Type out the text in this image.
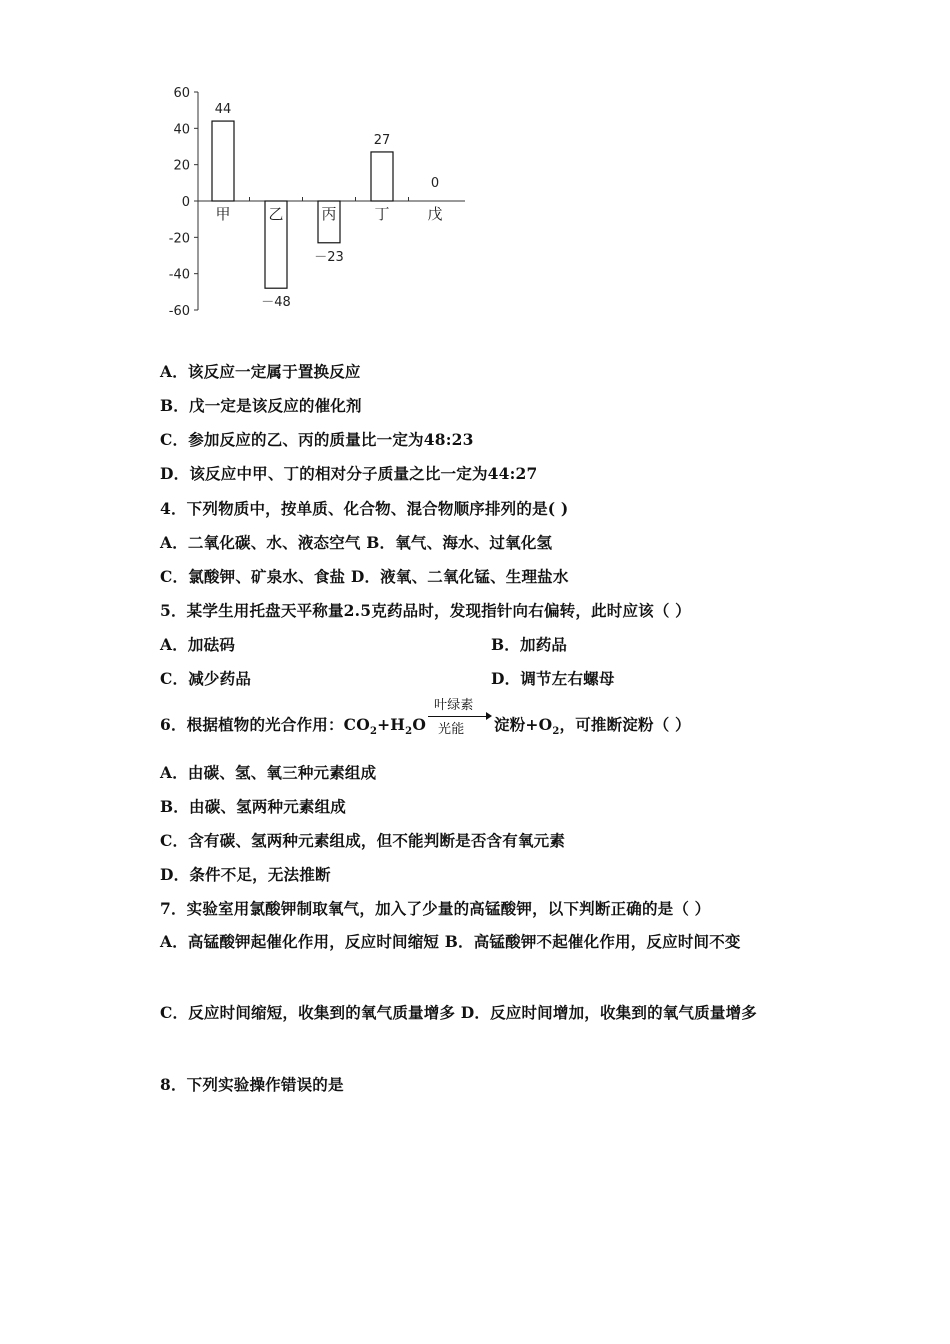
60
40
20
0
-20
-40
-60
44
甲
－48
乙
－23
丙
27
丁
0
戊
A．该反应一定属于置换反应
B．戊一定是该反应的催化剂
C．参加反应的乙、丙的质量比一定为48:23
D．该反应中甲、丁的相对分子质量之比一定为44:27
4．下列物质中，按单质、化合物、混合物顺序排列的是( )
A．二氧化碳、水、液态空气 B．氧气、海水、过氧化氢
C．氯酸钾、矿泉水、食盐 D．液氧、二氧化锰、生理盐水
5．某学生用托盘天平称量2.5克药品时，发现指针向右偏转，此时应该（ ）
A．加砝码	B．加药品
C．减少药品	D．调节左右螺母
6．根据植物的光合作用：$CO_2+H_2O$
叶绿素
光能 淀粉$+O_2$，可推断淀粉（ ）
A．由碳、氢、氧三种元素组成
B．由碳、氢两种元素组成
C．含有碳、氢两种元素组成，但不能判断是否含有氧元素
D．条件不足，无法推断
7．实验室用氯酸钾制取氧气，加入了少量的高锰酸钾，以下判断正确的是（ ）
A．高锰酸钾起催化作用，反应时间缩短 B．高锰酸钾不起催化作用，反应时间不变
C．反应时间缩短，收集到的氧气质量增多 D．反应时间增加，收集到的氧气质量增多
8．下列实验操作错误的是
